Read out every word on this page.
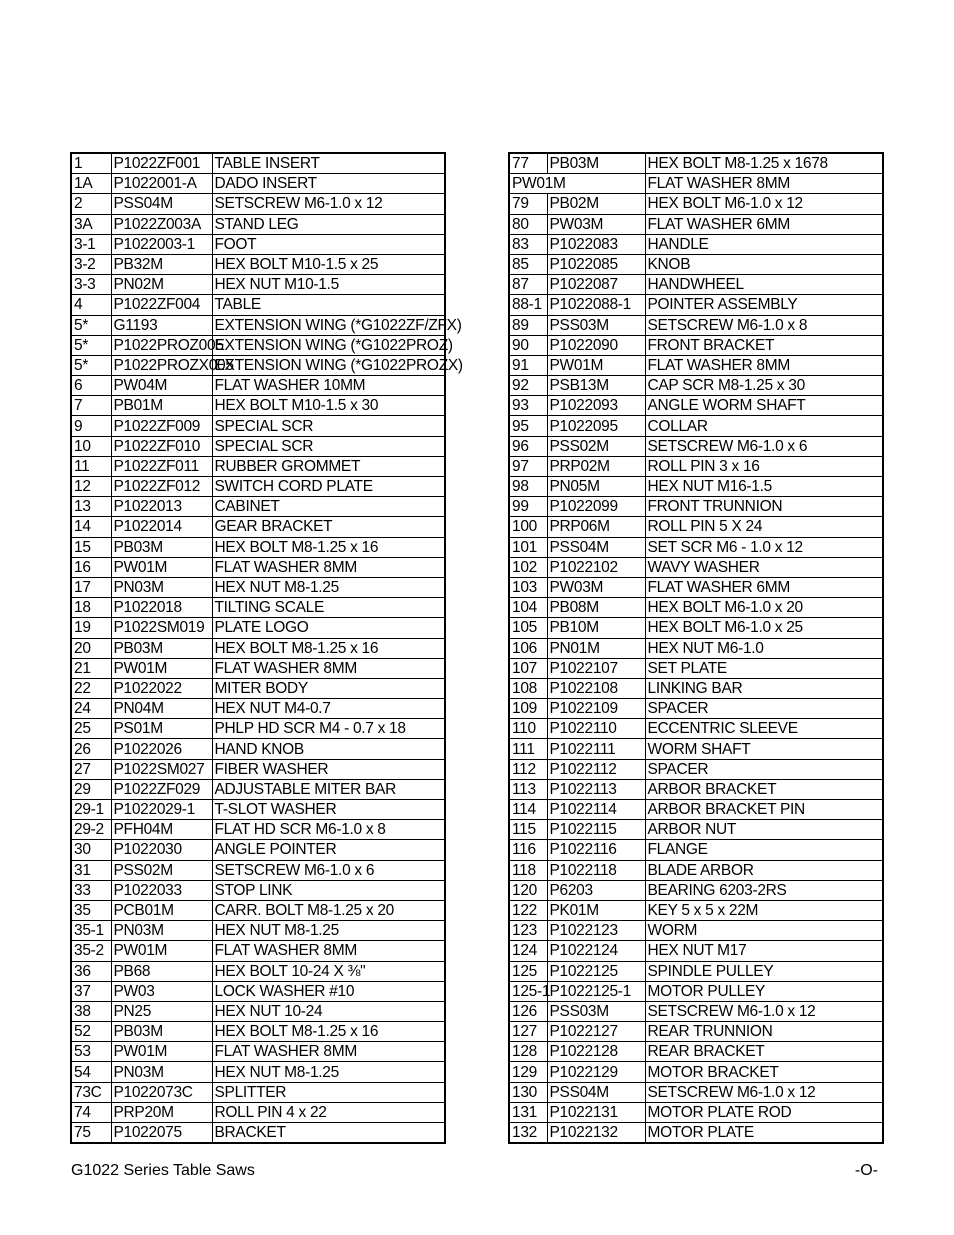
1	P1022ZF001	TABLE INSERT
1A	P1022001-A	DADO INSERT
2	PSS04M	SETSCREW M6-1.0 x 12
3A	P1022Z003A	STAND LEG
3-1	P1022003-1	FOOT
3-2	PB32M	HEX BOLT M10-1.5 x 25
3-3	PN02M	HEX NUT M10-1.5
4	P1022ZF004	TABLE
5*	G1193	EXTENSION WING (*G1022ZF/ZFX)
5*	P1022PROZ005	EXTENSION WING (*G1022PROZ)
5*	P1022PROZX005	EXTENSION WING (*G1022PROZX)
6	PW04M	FLAT WASHER 10MM
7	PB01M	HEX BOLT M10-1.5 x 30
9	P1022ZF009	SPECIAL SCR
10	P1022ZF010	SPECIAL SCR
11	P1022ZF011	RUBBER GROMMET
12	P1022ZF012	SWITCH CORD PLATE
13	P1022013	CABINET
14	P1022014	GEAR BRACKET
15	PB03M	HEX BOLT M8-1.25 x 16
16	PW01M	FLAT WASHER 8MM
17	PN03M	HEX NUT M8-1.25
18	P1022018	TILTING SCALE
19	P1022SM019	PLATE LOGO
20	PB03M	HEX BOLT M8-1.25 x 16
21	PW01M	FLAT WASHER 8MM
22	P1022022	MITER BODY
24	PN04M	HEX NUT M4-0.7
25	PS01M	PHLP HD SCR M4 - 0.7 x 18
26	P1022026	HAND KNOB
27	P1022SM027	FIBER WASHER
29	P1022ZF029	ADJUSTABLE MITER BAR
29-1	P1022029-1	T-SLOT WASHER
29-2	PFH04M	FLAT HD SCR M6-1.0 x 8
30	P1022030	ANGLE POINTER
31	PSS02M	SETSCREW M6-1.0 x 6
33	P1022033	STOP LINK
35	PCB01M	CARR. BOLT M8-1.25 x 20
35-1	PN03M	HEX NUT M8-1.25
35-2	PW01M	FLAT WASHER 8MM
36	PB68	HEX BOLT 10-24 X ⅜"
37	PW03	LOCK WASHER #10
38	PN25	HEX NUT 10-24
52	PB03M	HEX BOLT M8-1.25 x 16
53	PW01M	FLAT WASHER 8MM
54	PN03M	HEX NUT M8-1.25
73C	P1022073C	SPLITTER
74	PRP20M	ROLL PIN 4 x 22
75	P1022075	BRACKET
77	PB03M	HEX BOLT M8-1.25 x 1678
PW01M		FLAT WASHER 8MM
79	PB02M	HEX BOLT M6-1.0 x 12
80	PW03M	FLAT WASHER 6MM
83	P1022083	HANDLE
85	P1022085	KNOB
87	P1022087	HANDWHEEL
88-1	P1022088-1	POINTER ASSEMBLY
89	PSS03M	SETSCREW M6-1.0 x 8
90	P1022090	FRONT BRACKET
91	PW01M	FLAT WASHER 8MM
92	PSB13M	CAP SCR M8-1.25 x 30
93	P1022093	ANGLE WORM SHAFT
95	P1022095	COLLAR
96	PSS02M	SETSCREW M6-1.0 x 6
97	PRP02M	ROLL PIN 3 x 16
98	PN05M	HEX NUT M16-1.5
99	P1022099	FRONT TRUNNION
100	PRP06M	ROLL PIN 5 X 24
101	PSS04M	SET SCR M6 - 1.0 x 12
102	P1022102	WAVY WASHER
103	PW03M	FLAT WASHER 6MM
104	PB08M	HEX BOLT M6-1.0 x 20
105	PB10M	HEX BOLT M6-1.0 x 25
106	PN01M	HEX NUT M6-1.0
107	P1022107	SET PLATE
108	P1022108	LINKING BAR
109	P1022109	SPACER
110	P1022110	ECCENTRIC SLEEVE
111	P1022111	WORM SHAFT
112	P1022112	SPACER
113	P1022113	ARBOR BRACKET
114	P1022114	ARBOR BRACKET PIN
115	P1022115	ARBOR NUT
116	P1022116	FLANGE
118	P1022118	BLADE ARBOR
120	P6203	BEARING 6203-2RS
122	PK01M	KEY 5 x 5 x 22M
123	P1022123	WORM
124	P1022124	HEX NUT M17
125	P1022125	SPINDLE PULLEY
125-1	P1022125-1	MOTOR PULLEY
126	PSS03M	SETSCREW M6-1.0 x 12
127	P1022127	REAR TRUNNION
128	P1022128	REAR BRACKET
129	P1022129	MOTOR BRACKET
130	PSS04M	SETSCREW M6-1.0 x 12
131	P1022131	MOTOR PLATE ROD
132	P1022132	MOTOR PLATE
G1022 Series Table Saws	-O-
